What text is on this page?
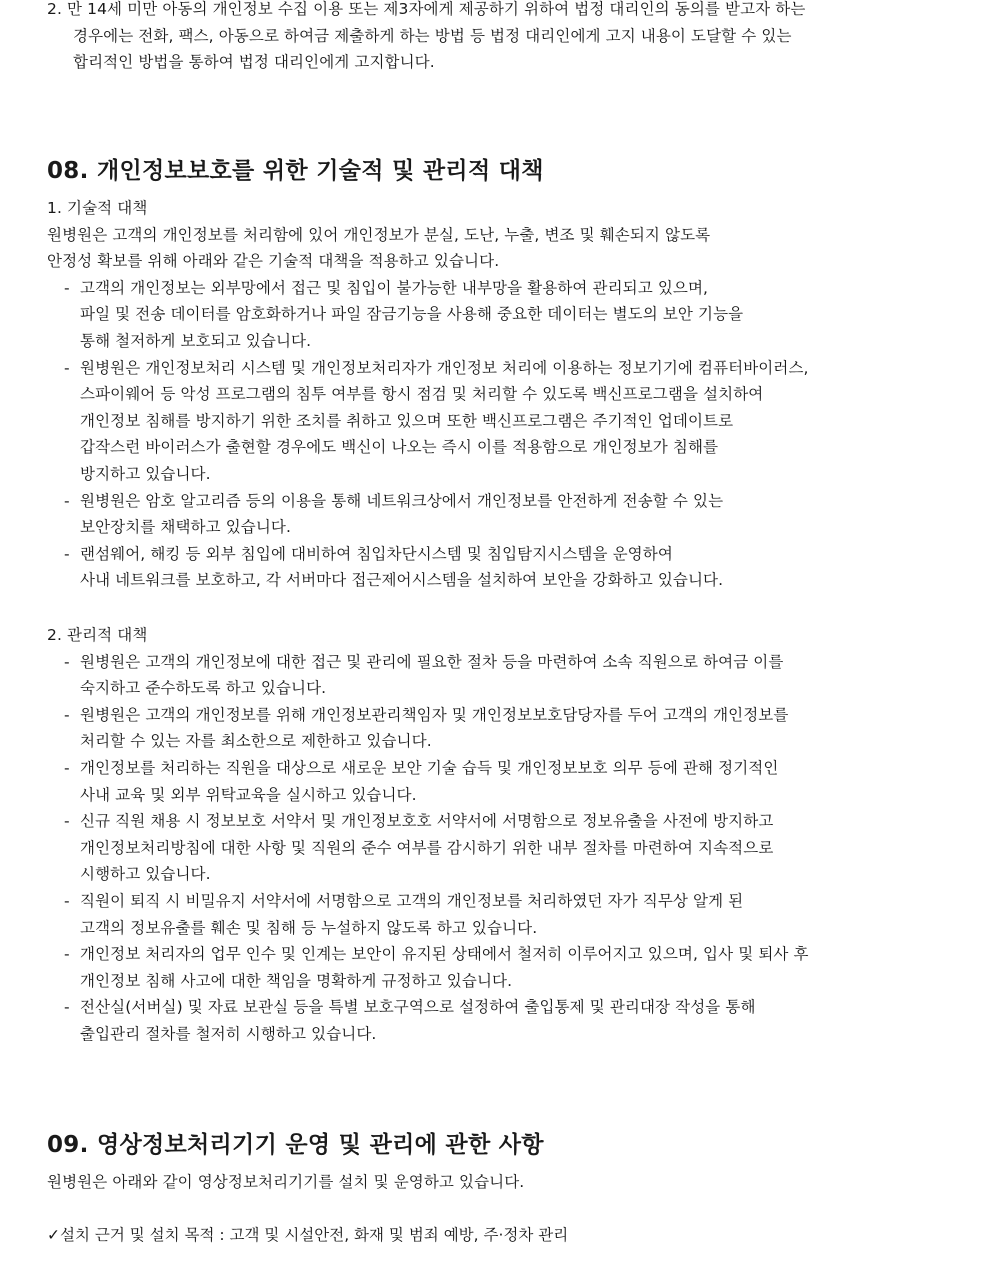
2. 만 14세 미만 아동의 개인정보 수집 이용 또는 제3자에게 제공하기 위하여 법정 대리인의 동의를 받고자 하는

경우에는 전화, 팩스, 아동으로 하여금 제출하게 하는 방법 등 법정 대리인에게 고지 내용이 도달할 수 있는

합리적인 방법을 통하여 법정 대리인에게 고지합니다.

08. 개인정보보호를 위한 기술적 및 관리적 대책

1. 기술적 대책

원병원은 고객의 개인정보를 처리함에 있어 개인정보가 분실, 도난, 누출, 변조 및 훼손되지 않도록

안정성 확보를 위해 아래와 같은 기술적 대책을 적용하고 있습니다.

- 고객의 개인정보는 외부망에서 접근 및 침입이 불가능한 내부망을 활용하여 관리되고 있으며,
파일 및 전송 데이터를 암호화하거나 파일 잠금기능을 사용해 중요한 데이터는 별도의 보안 기능을
통해 철저하게 보호되고 있습니다.
- 원병원은 개인정보처리 시스템 및 개인정보처리자가 개인정보 처리에 이용하는 정보기기에 컴퓨터바이러스,
스파이웨어 등 악성 프로그램의 침투 여부를 항시 점검 및 처리할 수 있도록 백신프로그램을 설치하여
개인정보 침해를 방지하기 위한 조치를 취하고 있으며 또한 백신프로그램은 주기적인 업데이트로
갑작스런 바이러스가 출현할 경우에도 백신이 나오는 즉시 이를 적용함으로 개인정보가 침해를
방지하고 있습니다.
- 원병원은 암호 알고리즘 등의 이용을 통해 네트워크상에서 개인정보를 안전하게 전송할 수 있는
보안장치를 채택하고 있습니다.
- 랜섬웨어, 해킹 등 외부 침입에 대비하여 침입차단시스템 및 침입탐지시스템을 운영하여
사내 네트워크를 보호하고, 각 서버마다 접근제어시스템을 설치하여 보안을 강화하고 있습니다.

2. 관리적 대책

- 원병원은 고객의 개인정보에 대한 접근 및 관리에 필요한 절차 등을 마련하여 소속 직원으로 하여금 이를
숙지하고 준수하도록 하고 있습니다.
- 원병원은 고객의 개인정보를 위해 개인정보관리책임자 및 개인정보보호담당자를 두어 고객의 개인정보를
처리할 수 있는 자를 최소한으로 제한하고 있습니다.
- 개인정보를 처리하는 직원을 대상으로 새로운 보안 기술 습득 및 개인정보보호 의무 등에 관해 정기적인
사내 교육 및 외부 위탁교육을 실시하고 있습니다.
- 신규 직원 채용 시 정보보호 서약서 및 개인정보호호 서약서에 서명함으로 정보유출을 사전에 방지하고
개인정보처리방침에 대한 사항 및 직원의 준수 여부를 감시하기 위한 내부 절차를 마련하여 지속적으로
시행하고 있습니다.
- 직원이 퇴직 시 비밀유지 서약서에 서명함으로 고객의 개인정보를 처리하였던 자가 직무상 알게 된
고객의 정보유출를 훼손 및 침해 등 누설하지 않도록 하고 있습니다.
- 개인정보 처리자의 업무 인수 및 인계는 보안이 유지된 상태에서 철저히 이루어지고 있으며, 입사 및 퇴사 후
개인정보 침해 사고에 대한 책임을 명확하게 규정하고 있습니다.
- 전산실(서버실) 및 자료 보관실 등을 특별 보호구역으로 설정하여 출입통제 및 관리대장 작성을 통해
출입관리 절차를 철저히 시행하고 있습니다.
09. 영상정보처리기기 운영 및 관리에 관한 사항

원병원은 아래와 같이 영상정보처리기기를 설치 및 운영하고 있습니다.

✓설치 근거 및 설치 목적 : 고객 및 시설안전, 화재 및 범죄 예방, 주·정차 관리
